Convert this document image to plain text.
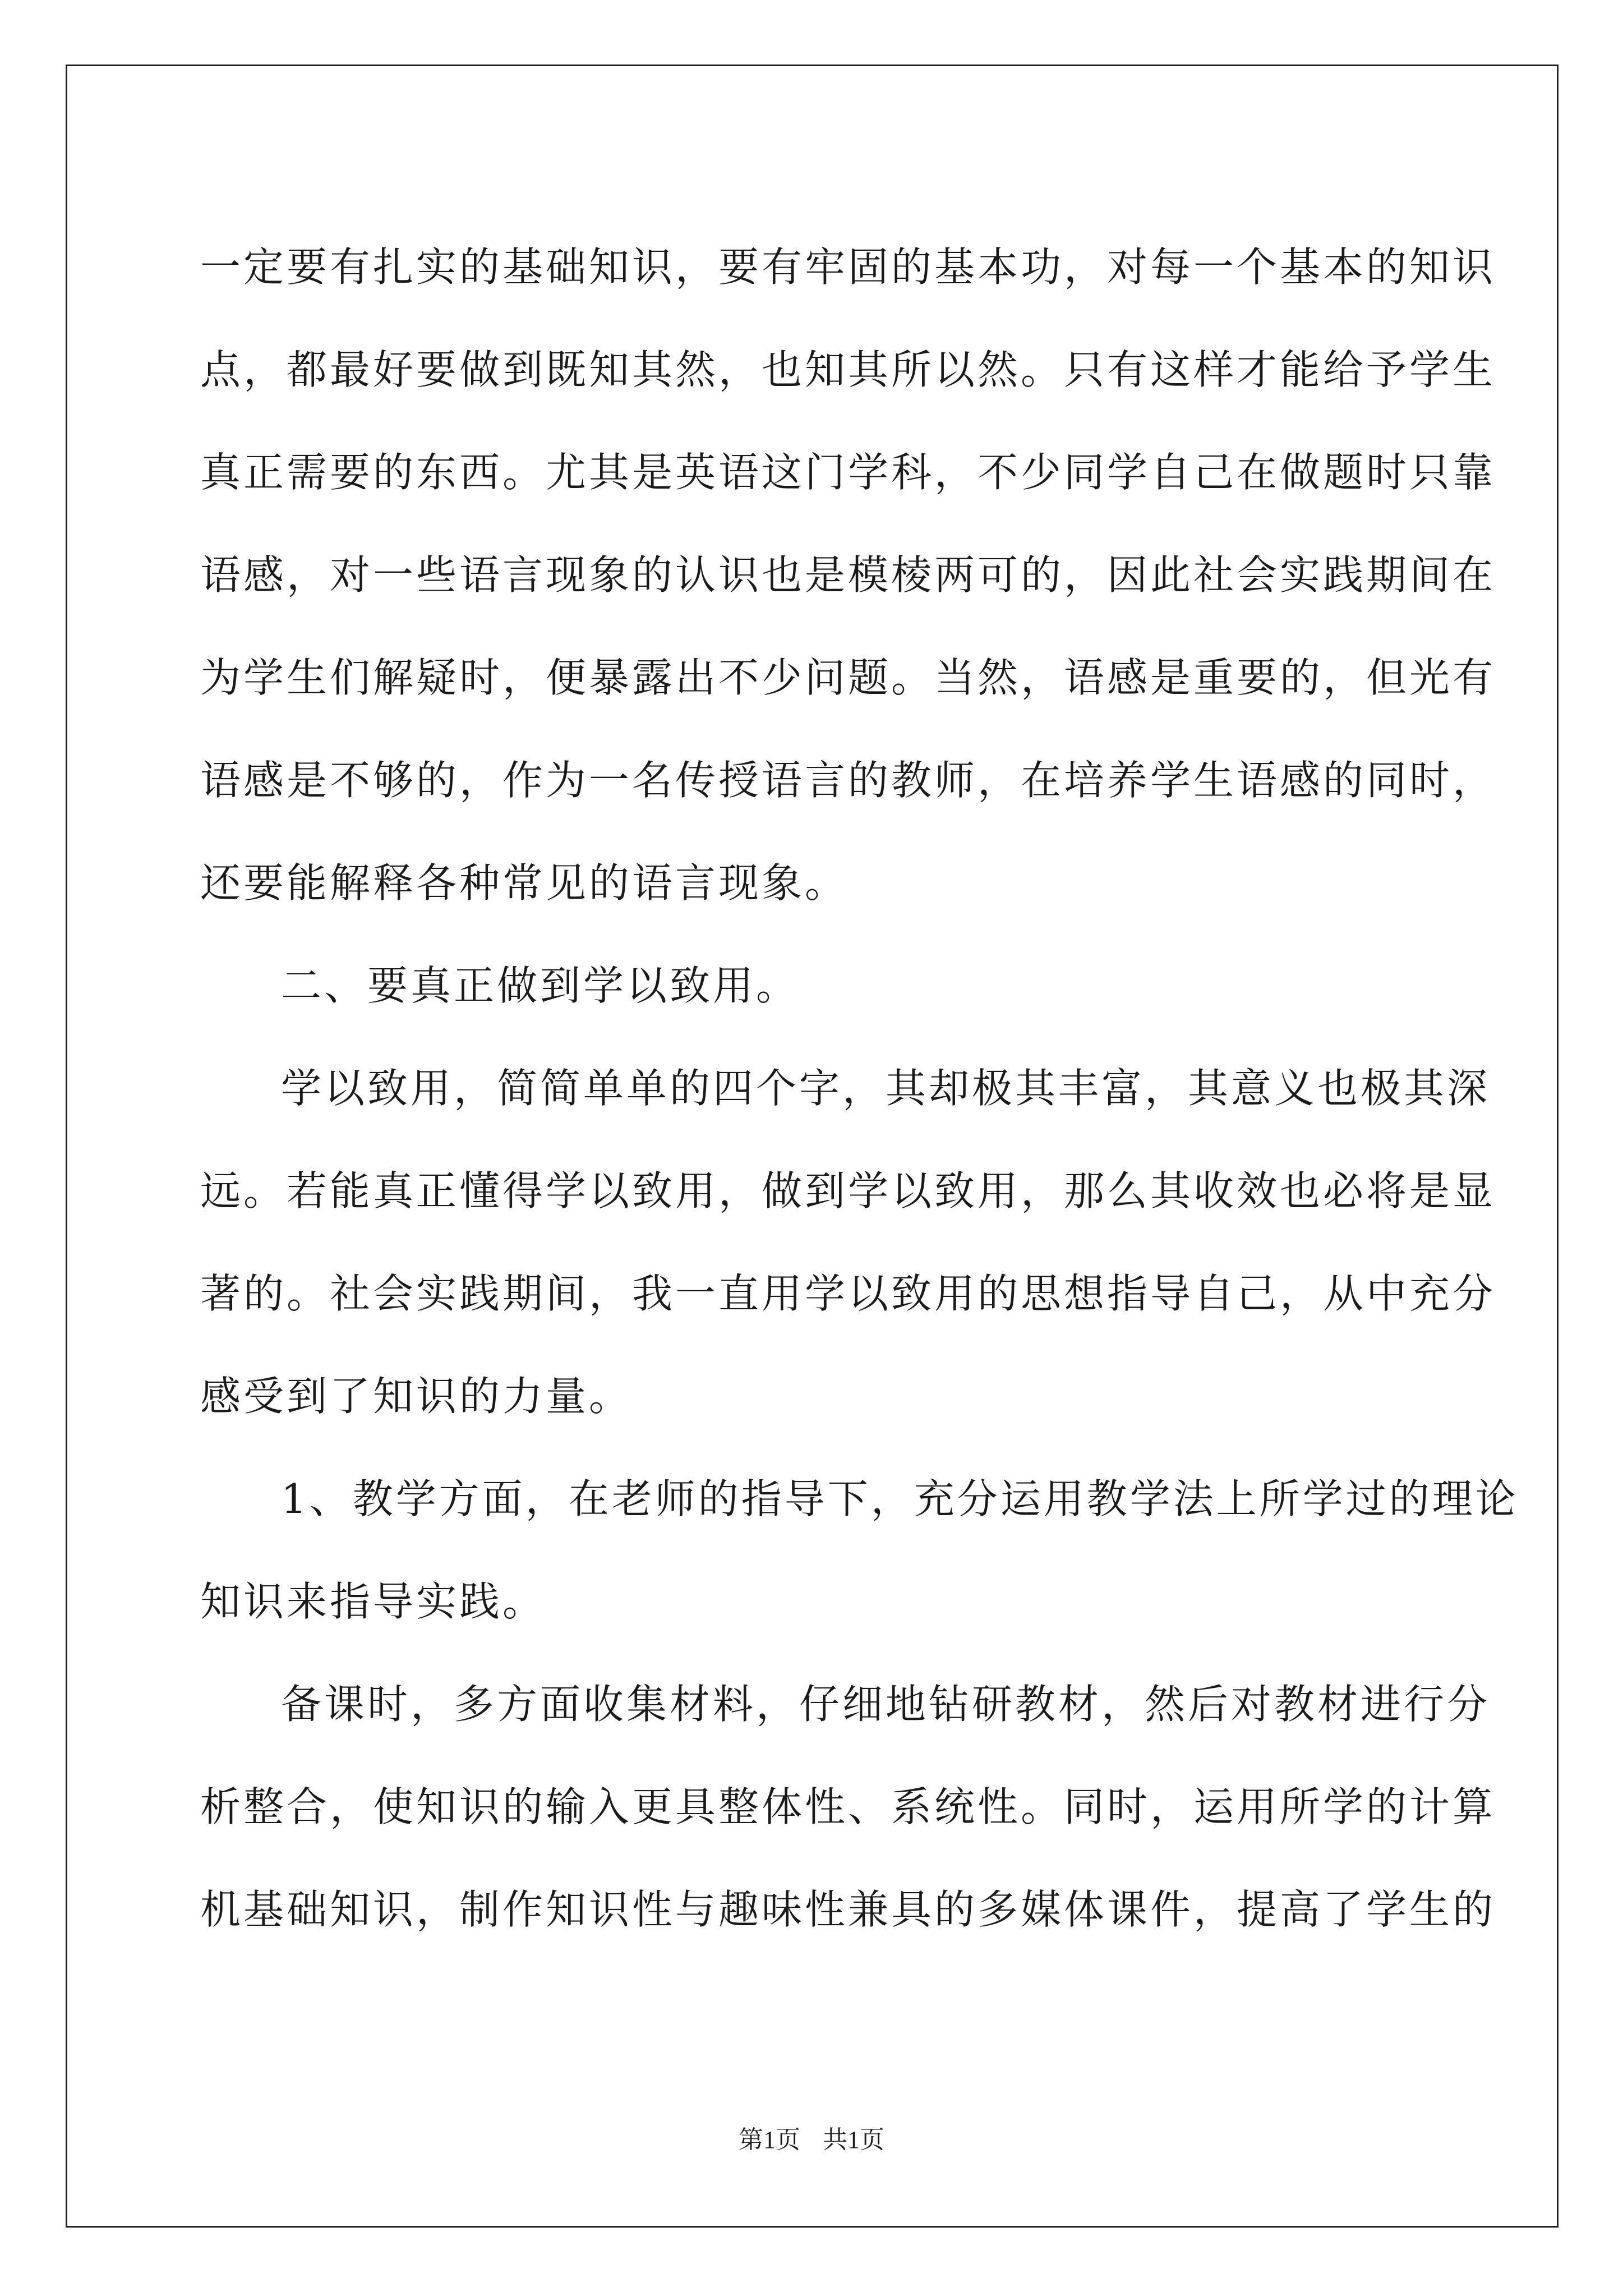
一定要有扎实的基础知识，要有牢固的基本功，对每一个基本的知识
点，都最好要做到既知其然，也知其所以然。只有这样才能给予学生
真正需要的东西。尤其是英语这门学科，不少同学自己在做题时只靠
语感，对一些语言现象的认识也是模棱两可的，因此社会实践期间在
为学生们解疑时，便暴露出不少问题。当然，语感是重要的，但光有
语感是不够的，作为一名传授语言的教师，在培养学生语感的同时，
还要能解释各种常见的语言现象。
二、要真正做到学以致用。
学以致用，简简单单的四个字，其却极其丰富，其意义也极其深
远。若能真正懂得学以致用，做到学以致用，那么其收效也必将是显
著的。社会实践期间，我一直用学以致用的思想指导自己，从中充分
感受到了知识的力量。
1、教学方面，在老师的指导下，充分运用教学法上所学过的理论
知识来指导实践。
备课时，多方面收集材料，仔细地钻研教材，然后对教材进行分
析整合，使知识的输入更具整体性、系统性。同时，运用所学的计算
机基础知识，制作知识性与趣味性兼具的多媒体课件，提高了学生的
第1页 共1页
